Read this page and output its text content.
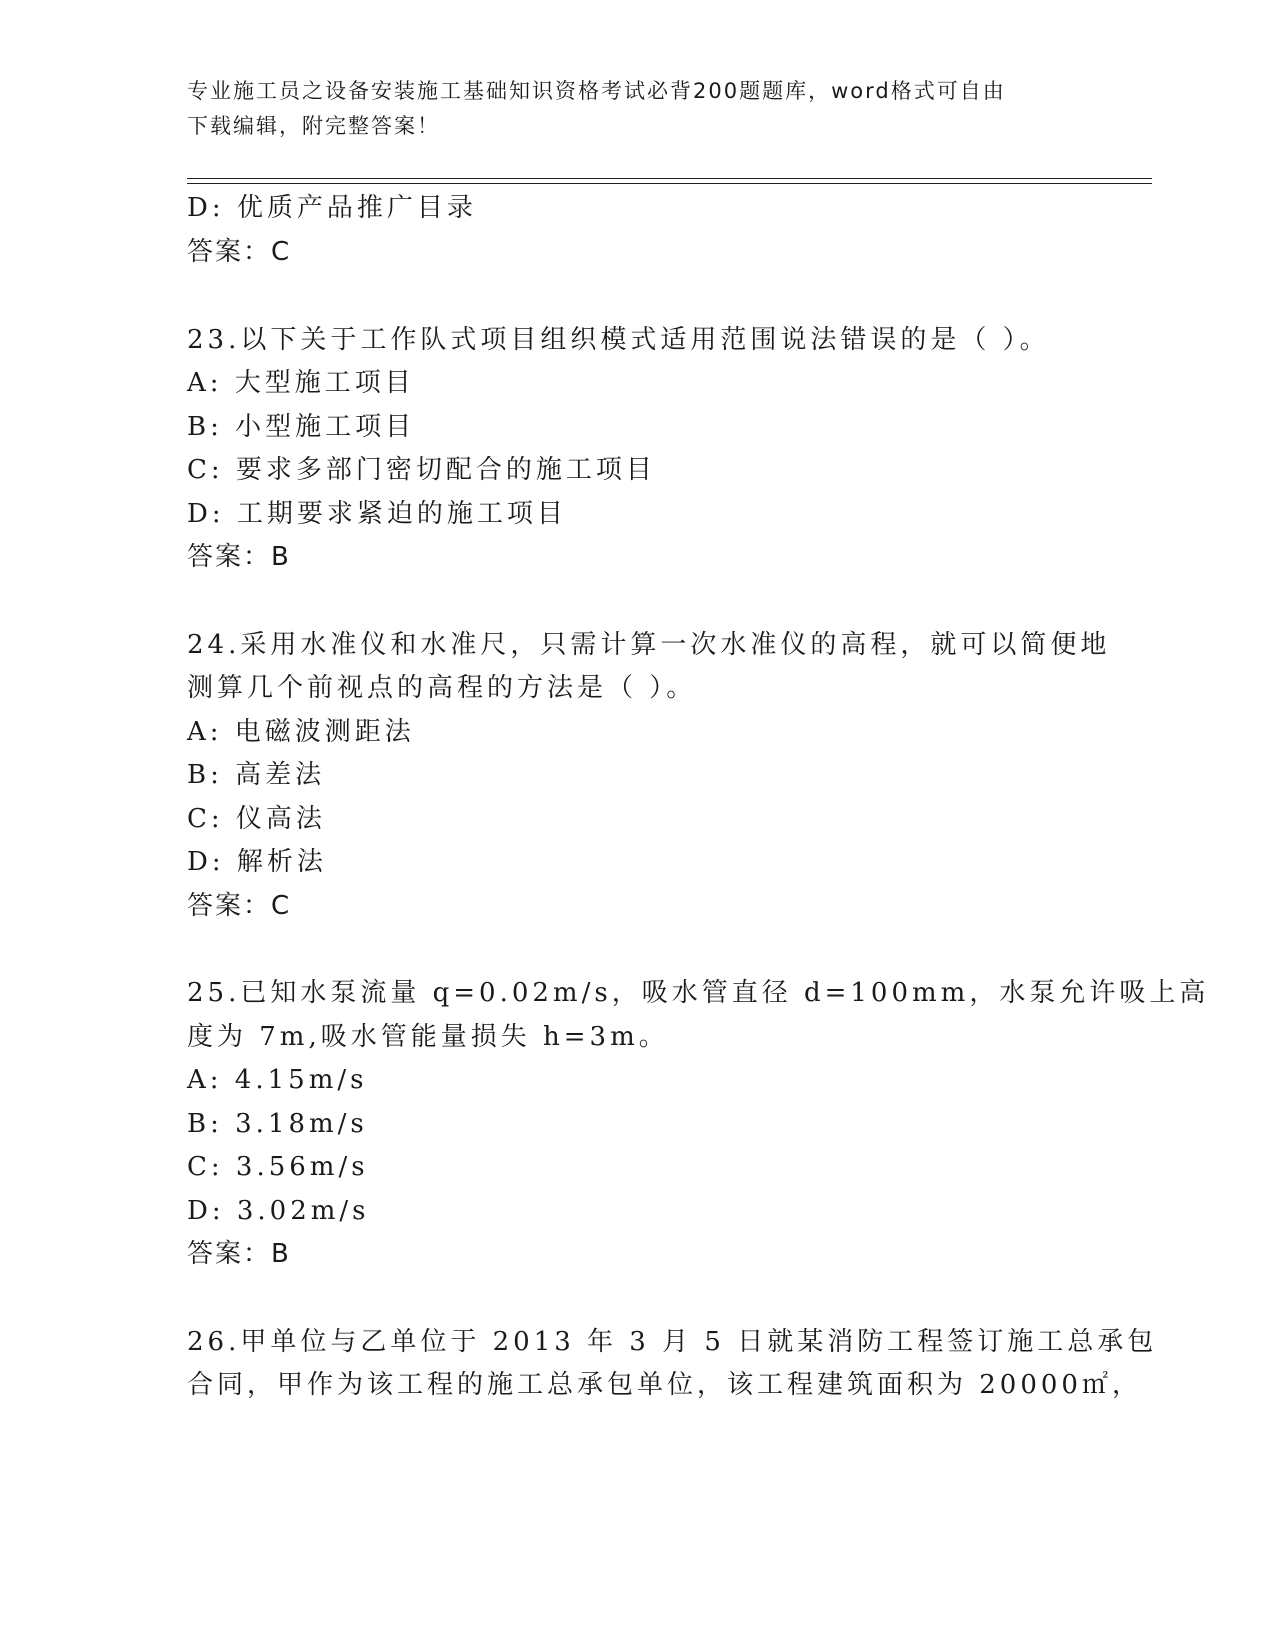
专业施工员之设备安装施工基础知识资格考试必背200题题库，word格式可自由
下载编辑，附完整答案！
D: 优质产品推广目录
答案：C
23.以下关于工作队式项目组织模式适用范围说法错误的是（ ）。
A: 大型施工项目
B: 小型施工项目
C: 要求多部门密切配合的施工项目
D: 工期要求紧迫的施工项目
答案：B
24.采用水准仪和水准尺，只需计算一次水准仪的高程，就可以简便地
测算几个前视点的高程的方法是（ ）。
A: 电磁波测距法
B: 高差法
C: 仪高法
D: 解析法
答案：C
25.已知水泵流量 q=0.02m/s，吸水管直径 d=100mm，水泵允许吸上高
度为 7m,吸水管能量损失 h=3m。
A: 4.15m/s
B: 3.18m/s
C: 3.56m/s
D: 3.02m/s
答案：B
26.甲单位与乙单位于 2013 年 3 月 5 日就某消防工程签订施工总承包
合同，甲作为该工程的施工总承包单位，该工程建筑面积为 20000㎡，
